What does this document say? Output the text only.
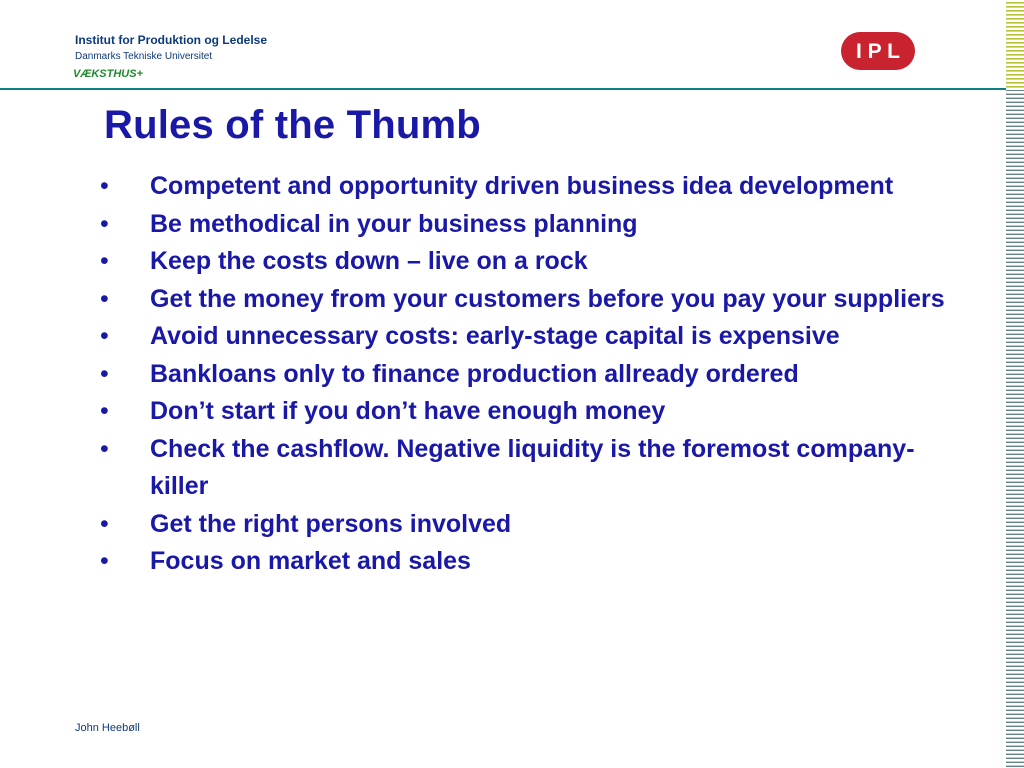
Institut for Produktion og Ledelse
Danmarks Tekniske Universitet
VÆKSTHUS+
I P L
Rules of the Thumb
• Competent and opportunity driven business idea development
• Be methodical in your business planning
• Keep the costs down – live on a rock
• Get the money from your customers before you pay your suppliers
• Avoid unnecessary costs: early-stage capital is expensive
• Bankloans only to finance production allready ordered
• Don’t start if you don’t have enough money
• Check the cashflow. Negative liquidity is the foremost company-killer
• Get the right persons involved
• Focus on market and sales
John Heebøll
